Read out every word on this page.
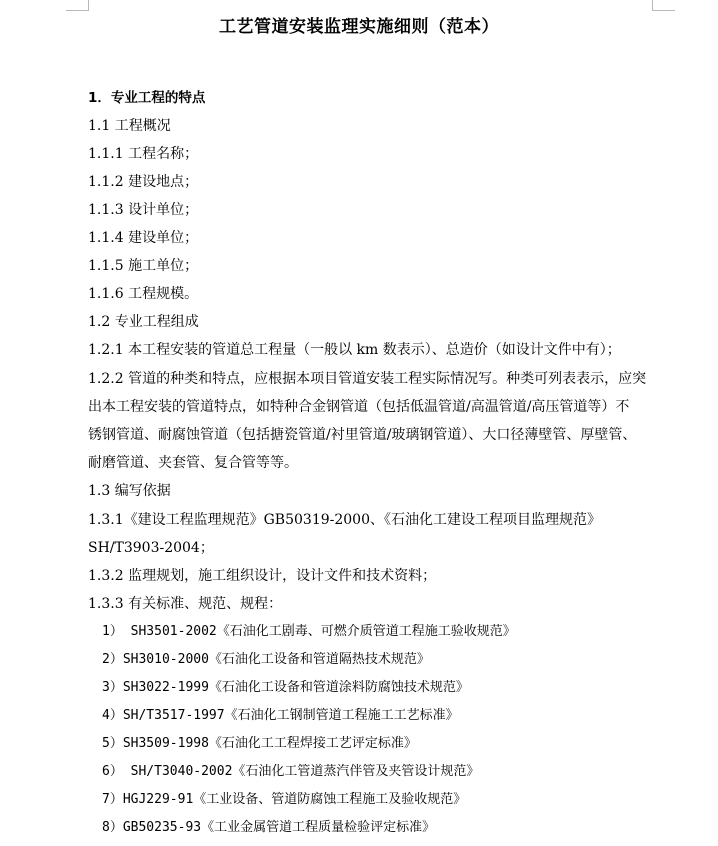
工艺管道安装监理实施细则（范本）
1．专业工程的特点
1.1 工程概况
1.1.1 工程名称；
1.1.2 建设地点；
1.1.3 设计单位；
1.1.4 建设单位；
1.1.5 施工单位；
1.1.6 工程规模。
1.2 专业工程组成
1.2.1 本工程安装的管道总工程量（一般以 km 数表示）、总造价（如设计文件中有）；
1.2.2 管道的种类和特点，应根据本项目管道安装工程实际情况写。种类可列表表示，应突
出本工程安装的管道特点，如特种合金钢管道（包括低温管道/高温管道/高压管道等）不
锈钢管道、耐腐蚀管道（包括搪瓷管道/衬里管道/玻璃钢管道）、大口径薄壁管、厚壁管、
耐磨管道、夹套管、复合管等等。
1.3 编写依据
1.3.1《建设工程监理规范》GB50319-2000、《石油化工建设工程项目监理规范》
SH/T3903-2004；
1.3.2 监理规划，施工组织设计，设计文件和技术资料；
1.3.3 有关标准、规范、规程：
1） SH3501-2002《石油化工剧毒、可燃介质管道工程施工验收规范》
2）SH3010-2000《石油化工设备和管道隔热技术规范》
3）SH3022-1999《石油化工设备和管道涂料防腐蚀技术规范》
4）SH/T3517-1997《石油化工钢制管道工程施工工艺标准》
5）SH3509-1998《石油化工工程焊接工艺评定标准》
6） SH/T3040-2002《石油化工管道蒸汽伴管及夹管设计规范》
7）HGJ229-91《工业设备、管道防腐蚀工程施工及验收规范》
8）GB50235-93《工业金属管道工程质量检验评定标准》
